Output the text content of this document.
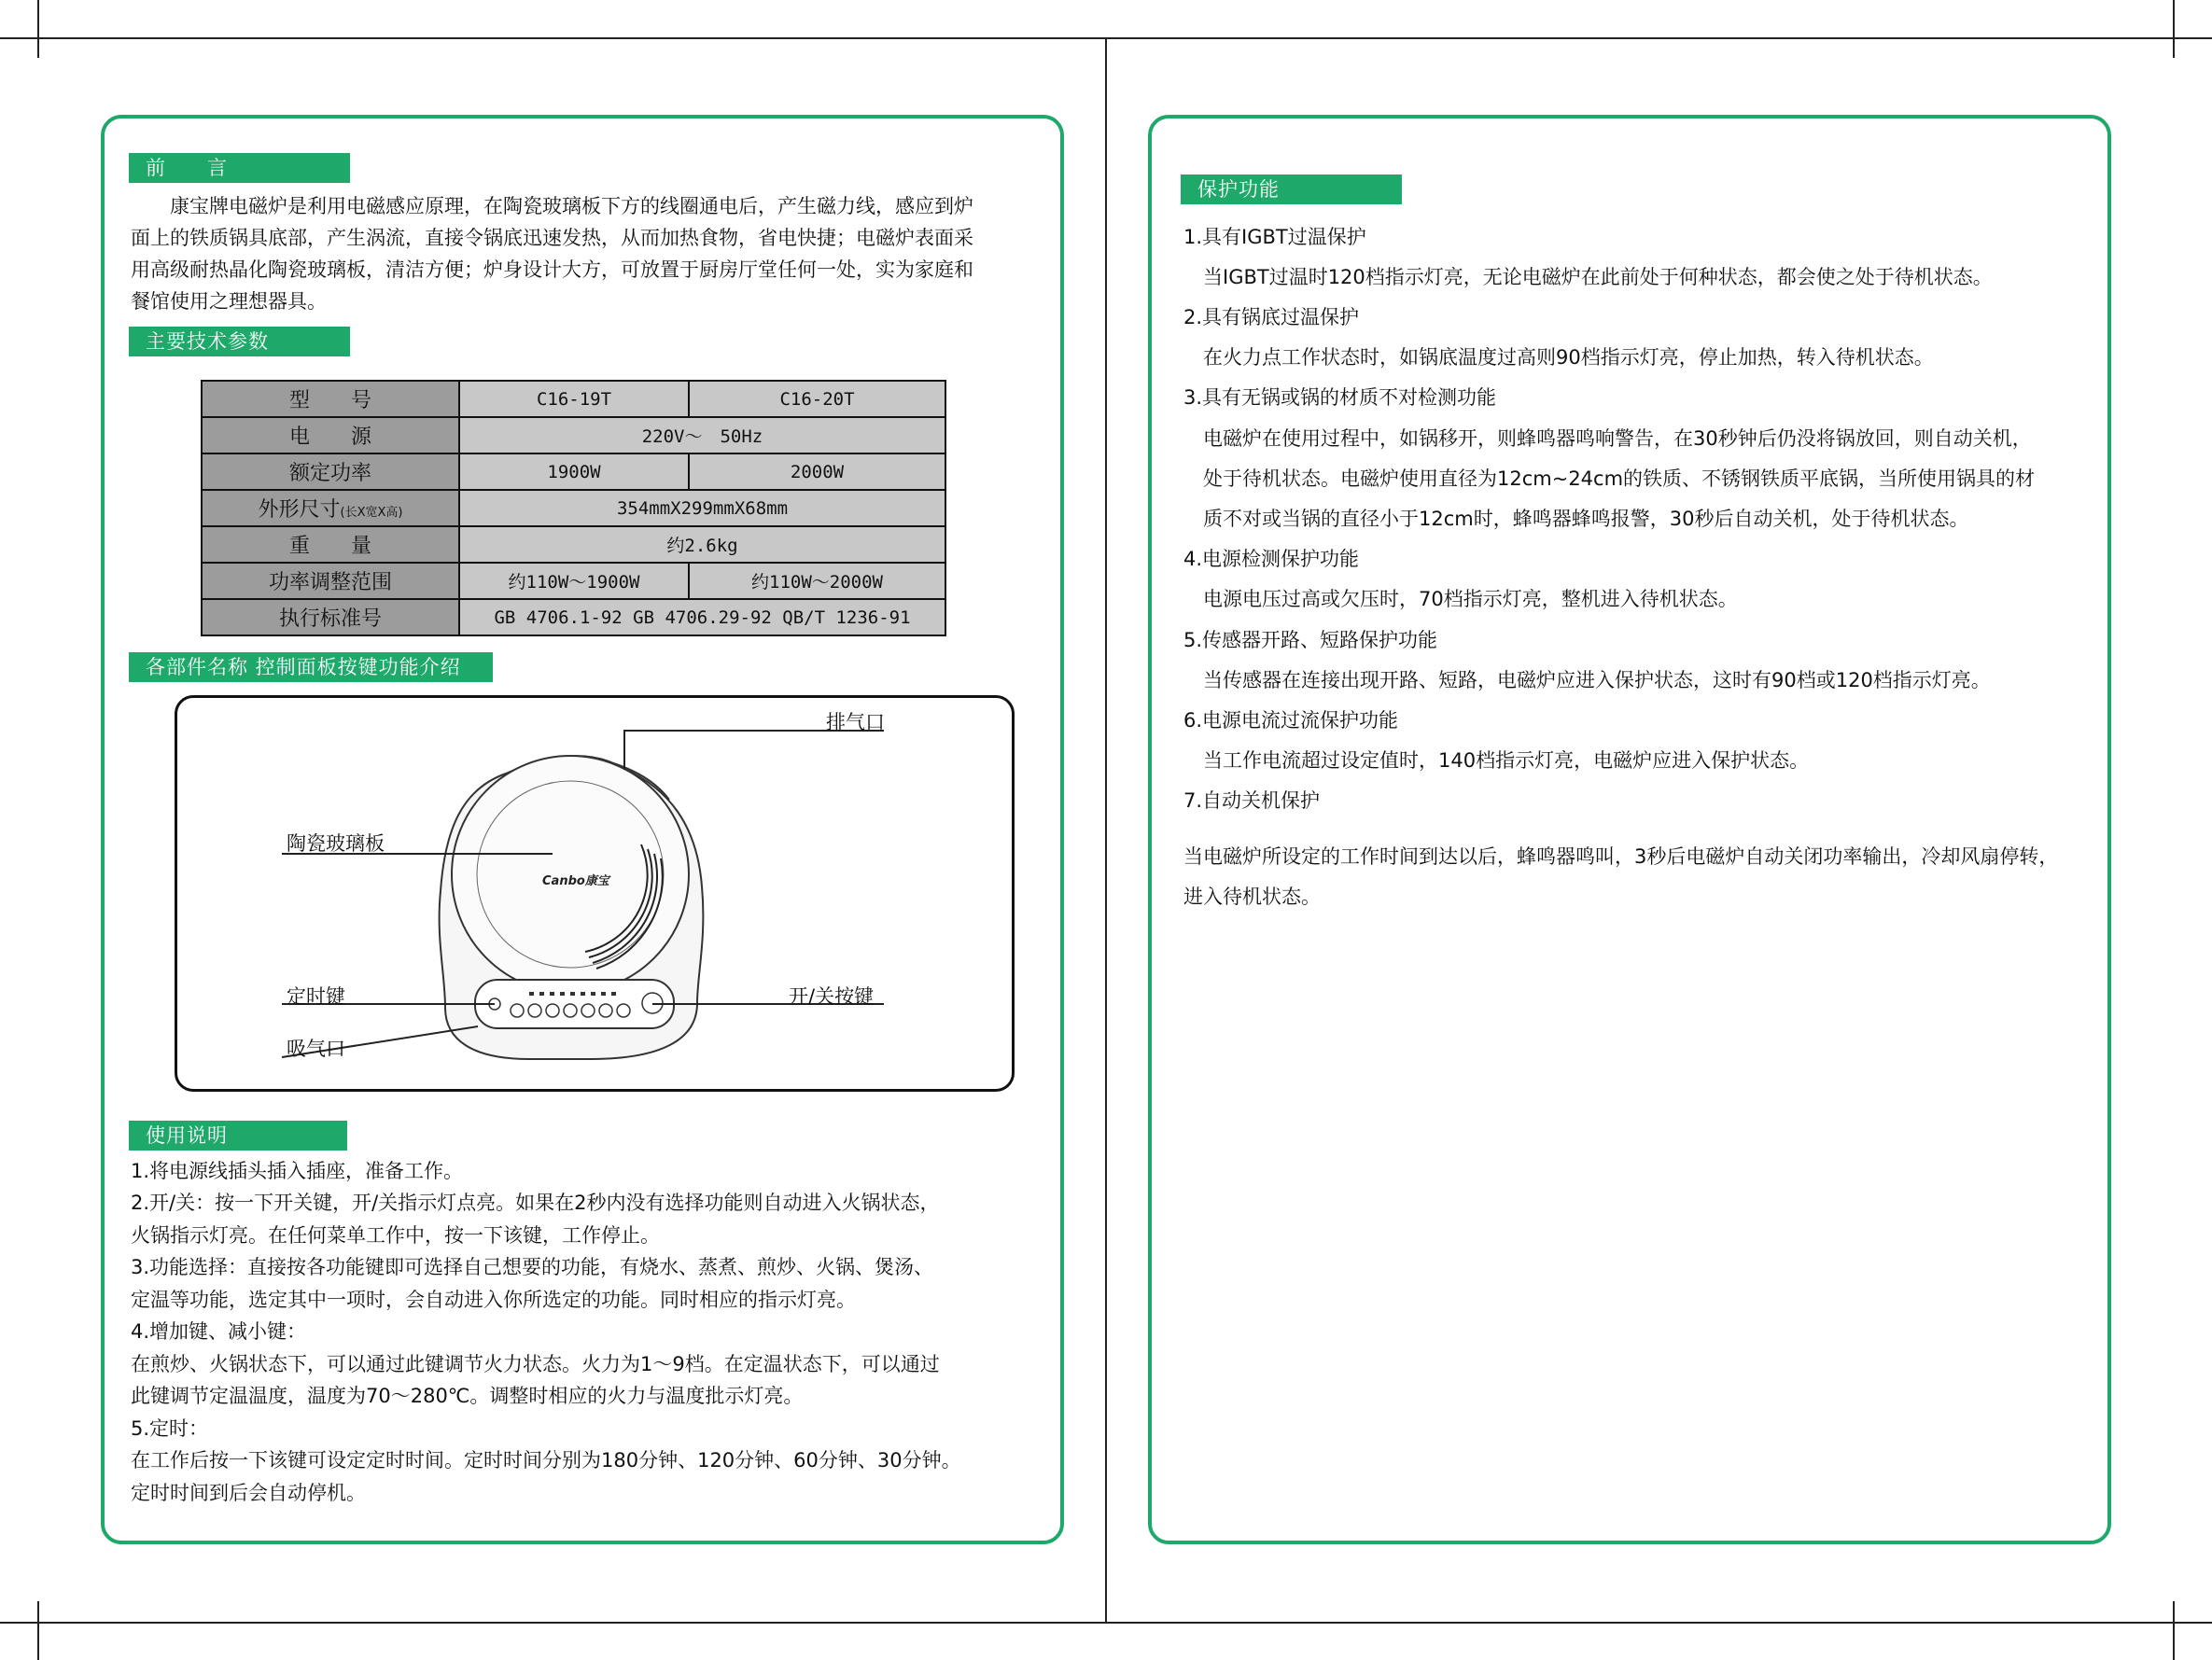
前　　言
　　康宝牌电磁炉是利用电磁感应原理，在陶瓷玻璃板下方的线圈通电后，产生磁力线，感应到炉
面上的铁质锅具底部，产生涡流，直接令锅底迅速发热，从而加热食物，省电快捷；电磁炉表面采
用高级耐热晶化陶瓷玻璃板，清洁方便；炉身设计大方，可放置于厨房厅堂任何一处，实为家庭和
餐馆使用之理想器具。
主要技术参数
型　　号	C16-19T	C16-20T
电　　源	220V～　50Hz	
额定功率	1900W	2000W
外形尺寸(长X宽X高)	354mmX299mmX68mm	
重　　量	约2.6kg	
功率调整范围	约110W～1900W	约110W～2000W
执行标准号	GB 4706.1-92 GB 4706.29-92 QB/T 1236-91	
各部件名称 控制面板按键功能介绍
Canbo康宝
排气口
陶瓷玻璃板
定时键	开/关按键
吸气口
使用说明
1.将电源线插头插入插座，准备工作。
2.开/关：按一下开关键，开/关指示灯点亮。如果在2秒内没有选择功能则自动进入火锅状态，
火锅指示灯亮。在任何菜单工作中，按一下该键，工作停止。
3.功能选择：直接按各功能键即可选择自己想要的功能，有烧水、蒸煮、煎炒、火锅、煲汤、
定温等功能，选定其中一项时，会自动进入你所选定的功能。同时相应的指示灯亮。
4.增加键、减小键：
在煎炒、火锅状态下，可以通过此键调节火力状态。火力为1～9档。在定温状态下，可以通过
此键调节定温温度，温度为70～280℃。调整时相应的火力与温度批示灯亮。
5.定时：
在工作后按一下该键可设定定时时间。定时时间分别为180分钟、120分钟、60分钟、30分钟。
定时时间到后会自动停机。
保护功能
1.具有IGBT过温保护
　当IGBT过温时120档指示灯亮，无论电磁炉在此前处于何种状态，都会使之处于待机状态。
2.具有锅底过温保护
　在火力点工作状态时，如锅底温度过高则90档指示灯亮，停止加热，转入待机状态。
3.具有无锅或锅的材质不对检测功能
　电磁炉在使用过程中，如锅移开，则蜂鸣器鸣响警告，在30秒钟后仍没将锅放回，则自动关机，
　处于待机状态。电磁炉使用直径为12cm~24cm的铁质、不锈钢铁质平底锅，当所使用锅具的材
　质不对或当锅的直径小于12cm时，蜂鸣器蜂鸣报警，30秒后自动关机，处于待机状态。
4.电源检测保护功能
　电源电压过高或欠压时，70档指示灯亮，整机进入待机状态。
5.传感器开路、短路保护功能
　当传感器在连接出现开路、短路，电磁炉应进入保护状态，这时有90档或120档指示灯亮。
6.电源电流过流保护功能
　当工作电流超过设定值时，140档指示灯亮，电磁炉应进入保护状态。
7.自动关机保护
当电磁炉所设定的工作时间到达以后，蜂鸣器鸣叫，3秒后电磁炉自动关闭功率输出，冷却风扇停转，
进入待机状态。
